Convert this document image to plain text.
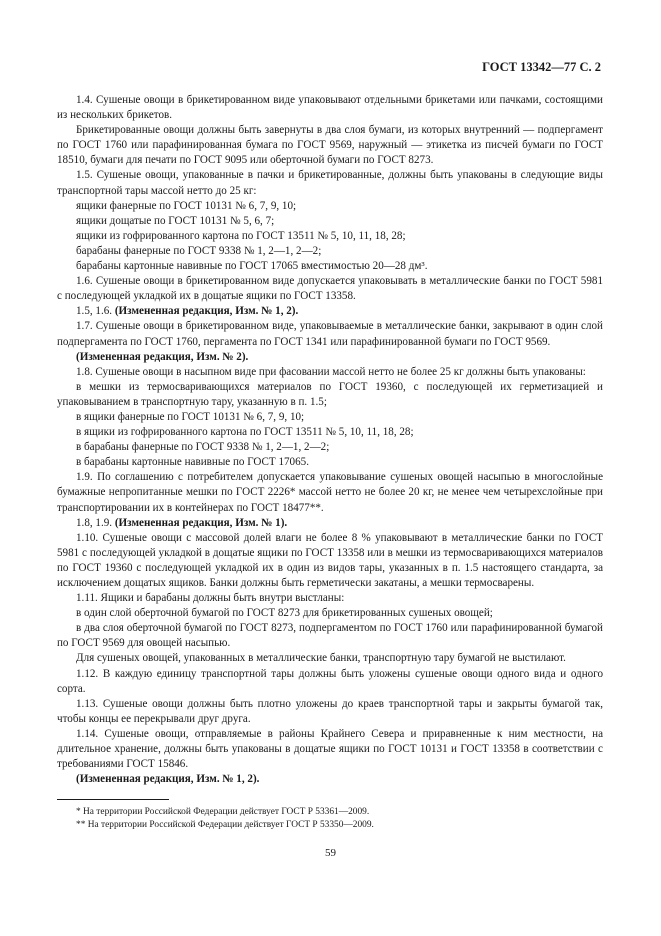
ГОСТ 13342—77 С. 2

1.4. Сушеные овощи в брикетированном виде упаковывают отдельными брикетами или пачками, состоящими из нескольких брикетов.

Брикетированные овощи должны быть завернуты в два слоя бумаги, из которых внутренний — подпергамент по ГОСТ 1760 или парафинированная бумага по ГОСТ 9569, наружный — этикетка из писчей бумаги по ГОСТ 18510, бумаги для печати по ГОСТ 9095 или оберточной бумаги по ГОСТ 8273.

1.5. Сушеные овощи, упакованные в пачки и брикетированные, должны быть упакованы в следующие виды транспортной тары массой нетто до 25 кг:

ящики фанерные по ГОСТ 10131 № 6, 7, 9, 10;

ящики дощатые по ГОСТ 10131 № 5, 6, 7;

ящики из гофрированного картона по ГОСТ 13511 № 5, 10, 11, 18, 28;

барабаны фанерные по ГОСТ 9338 № 1, 2—1, 2—2;

барабаны картонные навивные по ГОСТ 17065 вместимостью 20—28 дм³.

1.6. Сушеные овощи в брикетированном виде допускается упаковывать в металлические банки по ГОСТ 5981 с последующей укладкой их в дощатые ящики по ГОСТ 13358.

1.5, 1.6. (Измененная редакция, Изм. № 1, 2).

1.7. Сушеные овощи в брикетированном виде, упаковываемые в металлические банки, закрывают в один слой подпергамента по ГОСТ 1760, пергамента по ГОСТ 1341 или парафинированной бумаги по ГОСТ 9569.

(Измененная редакция, Изм. № 2).

1.8. Сушеные овощи в насыпном виде при фасовании массой нетто не более 25 кг должны быть упакованы:

в мешки из термосваривающихся материалов по ГОСТ 19360, с последующей их герметизацией и упаковыванием в транспортную тару, указанную в п. 1.5;

в ящики фанерные по ГОСТ 10131 № 6, 7, 9, 10;

в ящики из гофрированного картона по ГОСТ 13511 № 5, 10, 11, 18, 28;

в барабаны фанерные по ГОСТ 9338 № 1, 2—1, 2—2;

в барабаны картонные навивные по ГОСТ 17065.

1.9. По соглашению с потребителем допускается упаковывание сушеных овощей насыпью в многослойные бумажные непропитанные мешки по ГОСТ 2226* массой нетто не более 20 кг, не менее чем четырехслойные при транспортировании их в контейнерах по ГОСТ 18477**.

1.8, 1.9. (Измененная редакция, Изм. № 1).

1.10. Сушеные овощи с массовой долей влаги не более 8 % упаковывают в металлические банки по ГОСТ 5981 с последующей укладкой в дощатые ящики по ГОСТ 13358 или в мешки из термосваривающихся материалов по ГОСТ 19360 с последующей укладкой их в один из видов тары, указанных в п. 1.5 настоящего стандарта, за исключением дощатых ящиков. Банки должны быть герметически закатаны, а мешки термосварены.

1.11. Ящики и барабаны должны быть внутри выстланы:

в один слой оберточной бумагой по ГОСТ 8273 для брикетированных сушеных овощей;

в два слоя оберточной бумагой по ГОСТ 8273, подпергаментом по ГОСТ 1760 или парафинированной бумагой по ГОСТ 9569 для овощей насыпью.

Для сушеных овощей, упакованных в металлические банки, транспортную тару бумагой не выстилают.

1.12. В каждую единицу транспортной тары должны быть уложены сушеные овощи одного вида и одного сорта.

1.13. Сушеные овощи должны быть плотно уложены до краев транспортной тары и закрыты бумагой так, чтобы концы ее перекрывали друг друга.

1.14. Сушеные овощи, отправляемые в районы Крайнего Севера и приравненные к ним местности, на длительное хранение, должны быть упакованы в дощатые ящики по ГОСТ 10131 и ГОСТ 13358 в соответствии с требованиями ГОСТ 15846.

(Измененная редакция, Изм. № 1, 2).

* На территории Российской Федерации действует ГОСТ Р 53361—2009.

** На территории Российской Федерации действует ГОСТ Р 53350—2009.

59
